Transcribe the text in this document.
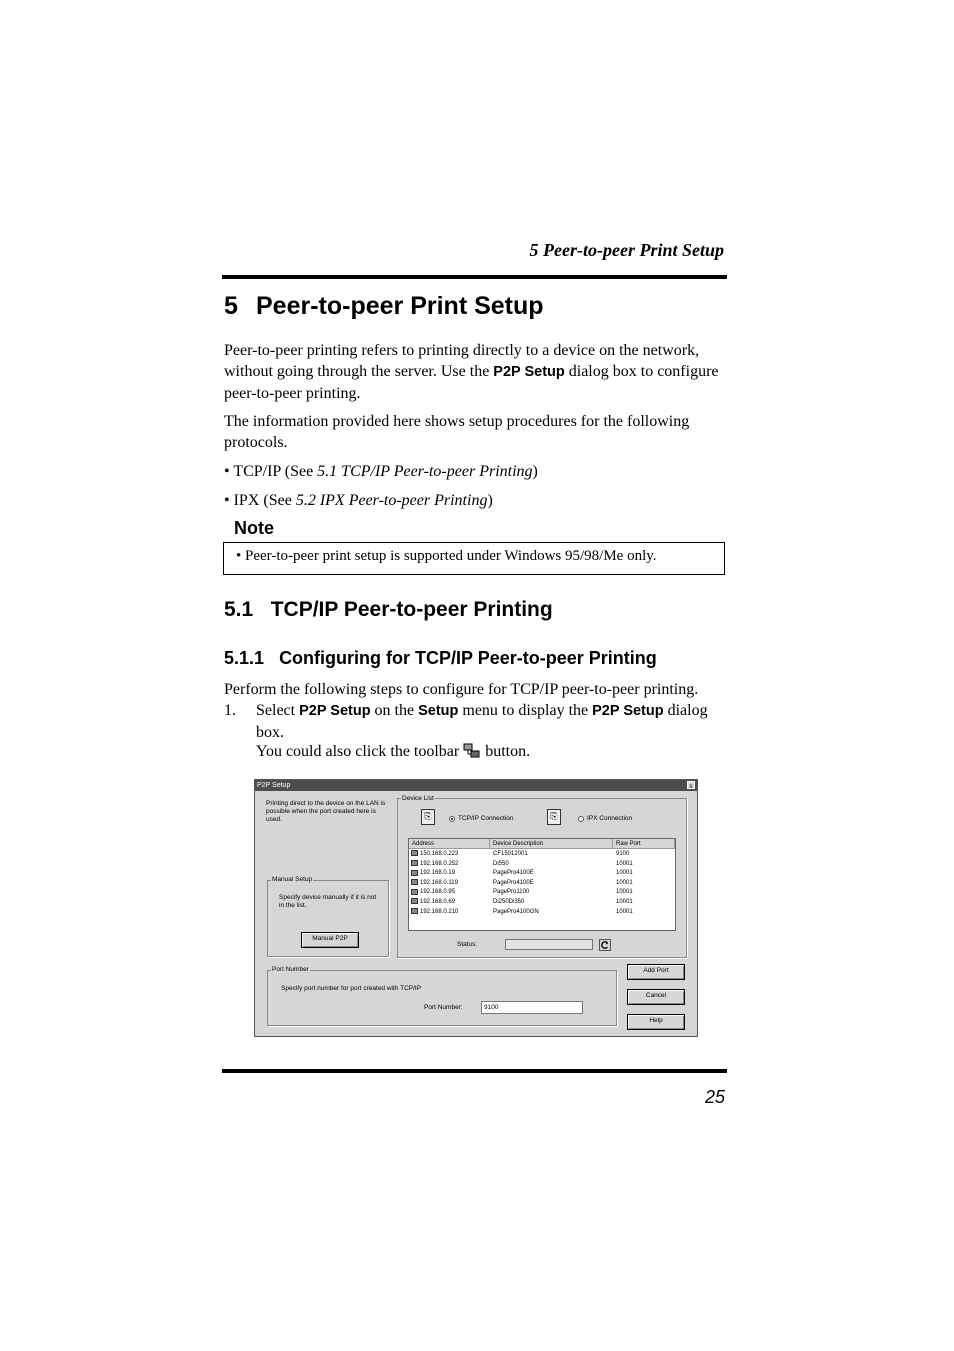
5 Peer-to-peer Print Setup
5 Peer-to-peer Print Setup
Peer-to-peer printing refers to printing directly to a device on the network, without going through the server. Use the P2P Setup dialog box to configure peer-to-peer printing.
The information provided here shows setup procedures for the following protocols.
• TCP/IP (See 5.1 TCP/IP Peer-to-peer Printing)
• IPX (See 5.2 IPX Peer-to-peer Printing)
Note
• Peer-to-peer print setup is supported under Windows 95/98/Me only.
5.1 TCP/IP Peer-to-peer Printing
5.1.1 Configuring for TCP/IP Peer-to-peer Printing
Perform the following steps to configure for TCP/IP peer-to-peer printing.
1.	Select P2P Setup on the Setup menu to display the P2P Setup dialog box.
You could also click the toolbar  button.
P2P Setup	x
Printing direct to the device on the LAN is possible when the port created here is used.
Manual Setup
Specify device manually if it is not in the list.
Manual P2P
Device List
⎘	TCP/IP Connection	⎘	IPX Connection
Address	Device Description	Raw Port
150.168.0.223	CF15012001	9100
192.168.0.252	Di550	10001
192.168.0.19	PagePro4100E	10001
192.168.0.119	PagePro4100E	10001
192.168.0.95	PagePro1100	10001
192.168.0.69	Di250Di350	10001
192.168.0.210	PagePro4100GN	10001
Status:
Port Number
Specify port number for port created with TCP/IP
Port Number:	9100
Add Port
Cancel
Help
25
